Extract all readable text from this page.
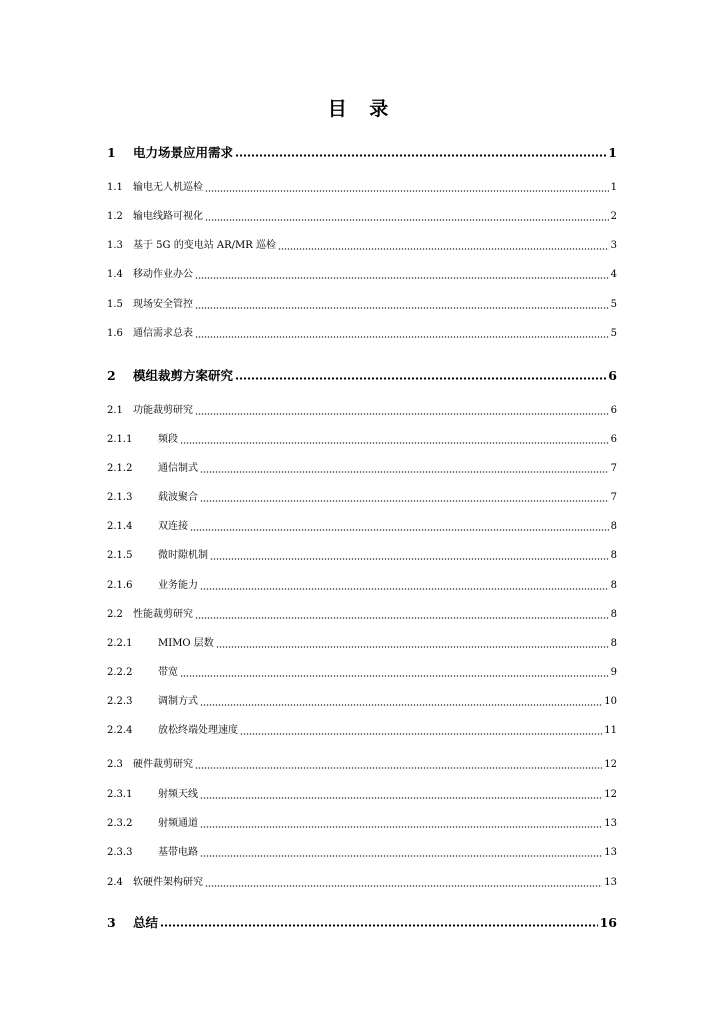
目 录
1	电力场景应用需求	1
1.1	输电无人机巡检	1
1.2	输电线路可视化	2
1.3	基于 5G 的变电站 AR/MR 巡检	3
1.4	移动作业办公	4
1.5	现场安全管控	5
1.6	通信需求总表	5
2	模组裁剪方案研究	6
2.1	功能裁剪研究	6
2.1.1	频段	6
2.1.2	通信制式	7
2.1.3	载波聚合	7
2.1.4	双连接	8
2.1.5	微时隙机制	8
2.1.6	业务能力	8
2.2	性能裁剪研究	8
2.2.1	MIMO 层数	8
2.2.2	带宽	9
2.2.3	调制方式	10
2.2.4	放松终端处理速度	11
2.3	硬件裁剪研究	12
2.3.1	射频天线	12
2.3.2	射频通道	13
2.3.3	基带电路	13
2.4	软硬件架构研究	13
3	总结	16
